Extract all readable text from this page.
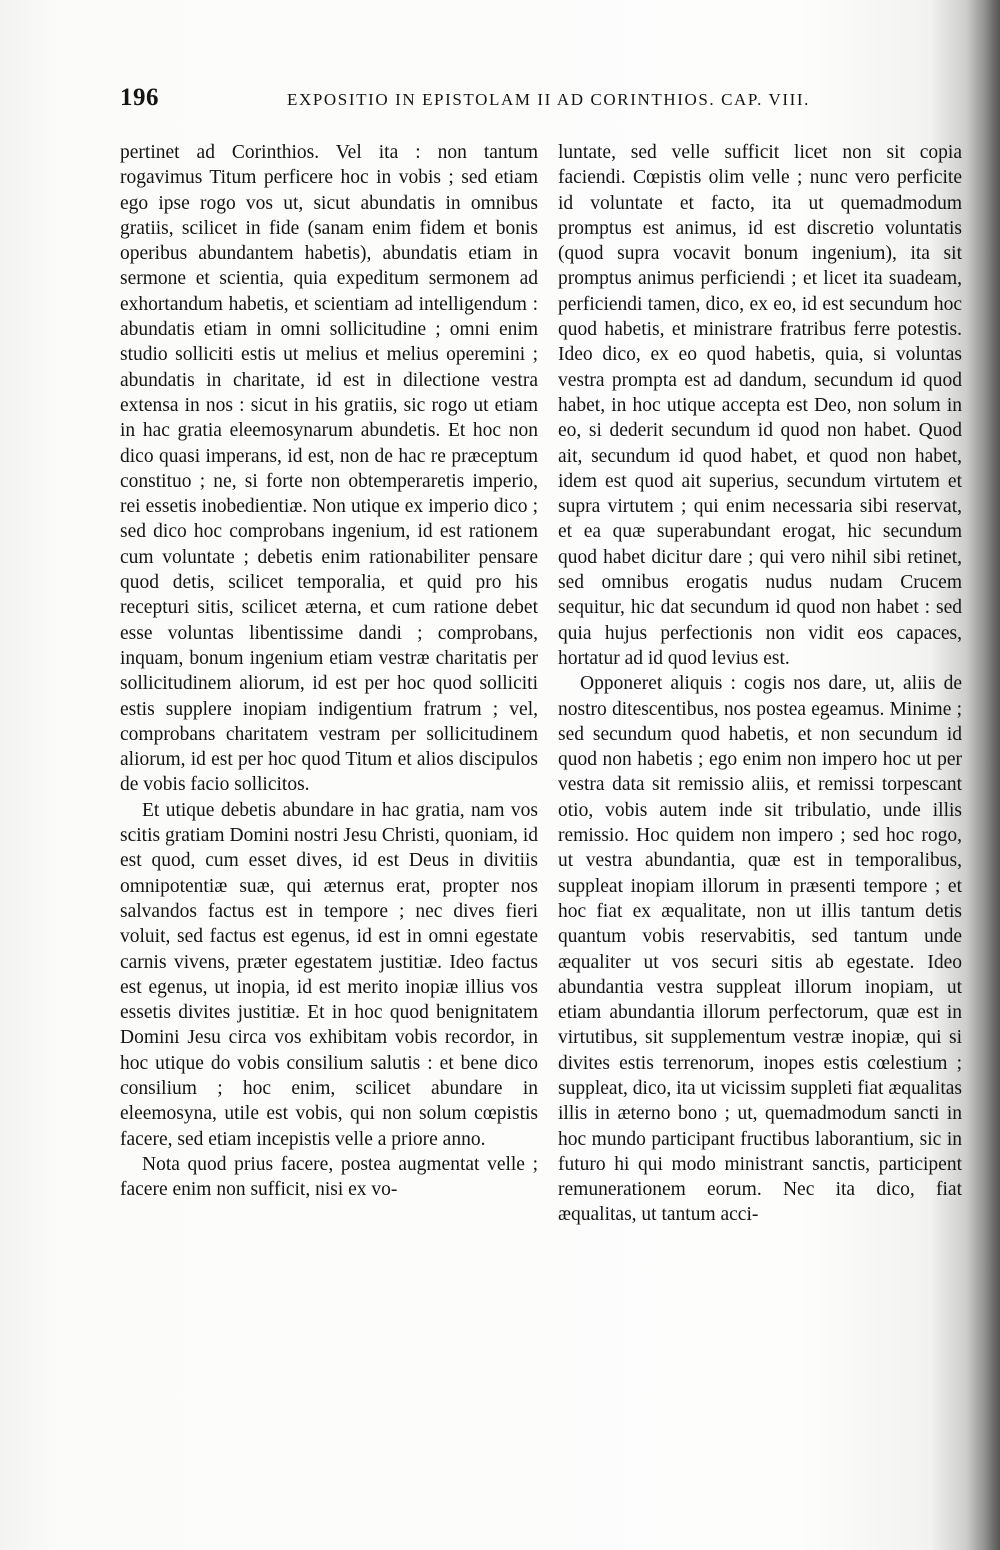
196	EXPOSITIO IN EPISTOLAM II AD CORINTHIOS. CAP. VIII.

pertinet ad Corinthios. Vel ita : non tantum rogavimus Titum perficere hoc in vobis ; sed etiam ego ipse rogo vos ut, sicut abundatis in omnibus gratiis, scilicet in fide (sanam enim fidem et bonis operibus abundantem habetis), abundatis etiam in sermone et scientia, quia expeditum sermonem ad exhortandum habetis, et scientiam ad intelligendum : abundatis etiam in omni sollicitudine ; omni enim studio solliciti estis ut melius et melius operemini ; abundatis in charitate, id est in dilectione vestra extensa in nos : sicut in his gratiis, sic rogo ut etiam in hac gratia eleemosynarum abundetis. Et hoc non dico quasi imperans, id est, non de hac re præceptum constituo ; ne, si forte non obtemperaretis imperio, rei essetis inobedientiæ. Non utique ex imperio dico ; sed dico hoc comprobans ingenium, id est rationem cum voluntate ; debetis enim rationabiliter pensare quod detis, scilicet temporalia, et quid pro his recepturi sitis, scilicet æterna, et cum ratione debet esse voluntas libentissime dandi ; comprobans, inquam, bonum ingenium etiam vestræ charitatis per sollicitudinem aliorum, id est per hoc quod solliciti estis supplere inopiam indigentium fratrum ; vel, comprobans charitatem vestram per sollicitudinem aliorum, id est per hoc quod Titum et alios discipulos de vobis facio sollicitos.

Et utique debetis abundare in hac gratia, nam vos scitis gratiam Domini nostri Jesu Christi, quoniam, id est quod, cum esset dives, id est Deus in divitiis omnipotentiæ suæ, qui æternus erat, propter nos salvandos factus est in tempore ; nec dives fieri voluit, sed factus est egenus, id est in omni egestate carnis vivens, præter egestatem justitiæ. Ideo factus est egenus, ut inopia, id est merito inopiæ illius vos essetis divites justitiæ. Et in hoc quod benignitatem Domini Jesu circa vos exhibitam vobis recordor, in hoc utique do vobis consilium salutis : et bene dico consilium ; hoc enim, scilicet abundare in eleemosyna, utile est vobis, qui non solum cœpistis facere, sed etiam incepistis velle a priore anno.

Nota quod prius facere, postea augmentat velle ; facere enim non sufficit, nisi ex vo-

luntate, sed velle sufficit licet non sit copia faciendi. Cœpistis olim velle ; nunc vero perficite id voluntate et facto, ita ut quemadmodum promptus est animus, id est discretio voluntatis (quod supra vocavit bonum ingenium), ita sit promptus animus perficiendi ; et licet ita suadeam, perficiendi tamen, dico, ex eo, id est secundum hoc quod habetis, et ministrare fratribus ferre potestis. Ideo dico, ex eo quod habetis, quia, si voluntas vestra prompta est ad dandum, secundum id quod habet, in hoc utique accepta est Deo, non solum in eo, si dederit secundum id quod non habet. Quod ait, secundum id quod habet, et quod non habet, idem est quod ait superius, secundum virtutem et supra virtutem ; qui enim necessaria sibi reservat, et ea quæ superabundant erogat, hic secundum quod habet dicitur dare ; qui vero nihil sibi retinet, sed omnibus erogatis nudus nudam Crucem sequitur, hic dat secundum id quod non habet : sed quia hujus perfectionis non vidit eos capaces, hortatur ad id quod levius est.

Opponeret aliquis : cogis nos dare, ut, aliis de nostro ditescentibus, nos postea egeamus. Minime ; sed secundum quod habetis, et non secundum id quod non habetis ; ego enim non impero hoc ut per vestra data sit remissio aliis, et remissi torpescant otio, vobis autem inde sit tribulatio, unde illis remissio. Hoc quidem non impero ; sed hoc rogo, ut vestra abundantia, quæ est in temporalibus, suppleat inopiam illorum in præsenti tempore ; et hoc fiat ex æqualitate, non ut illis tantum detis quantum vobis reservabitis, sed tantum unde æqualiter ut vos securi sitis ab egestate. Ideo abundantia vestra suppleat illorum inopiam, ut etiam abundantia illorum perfectorum, quæ est in virtutibus, sit supplementum vestræ inopiæ, qui si divites estis terrenorum, inopes estis cœlestium ; suppleat, dico, ita ut vicissim suppleti fiat æqualitas illis in æterno bono ; ut, quemadmodum sancti in hoc mundo participant fructibus laborantium, sic in futuro hi qui modo ministrant sanctis, participent remunerationem eorum. Nec ita dico, fiat æqualitas, ut tantum acci-
